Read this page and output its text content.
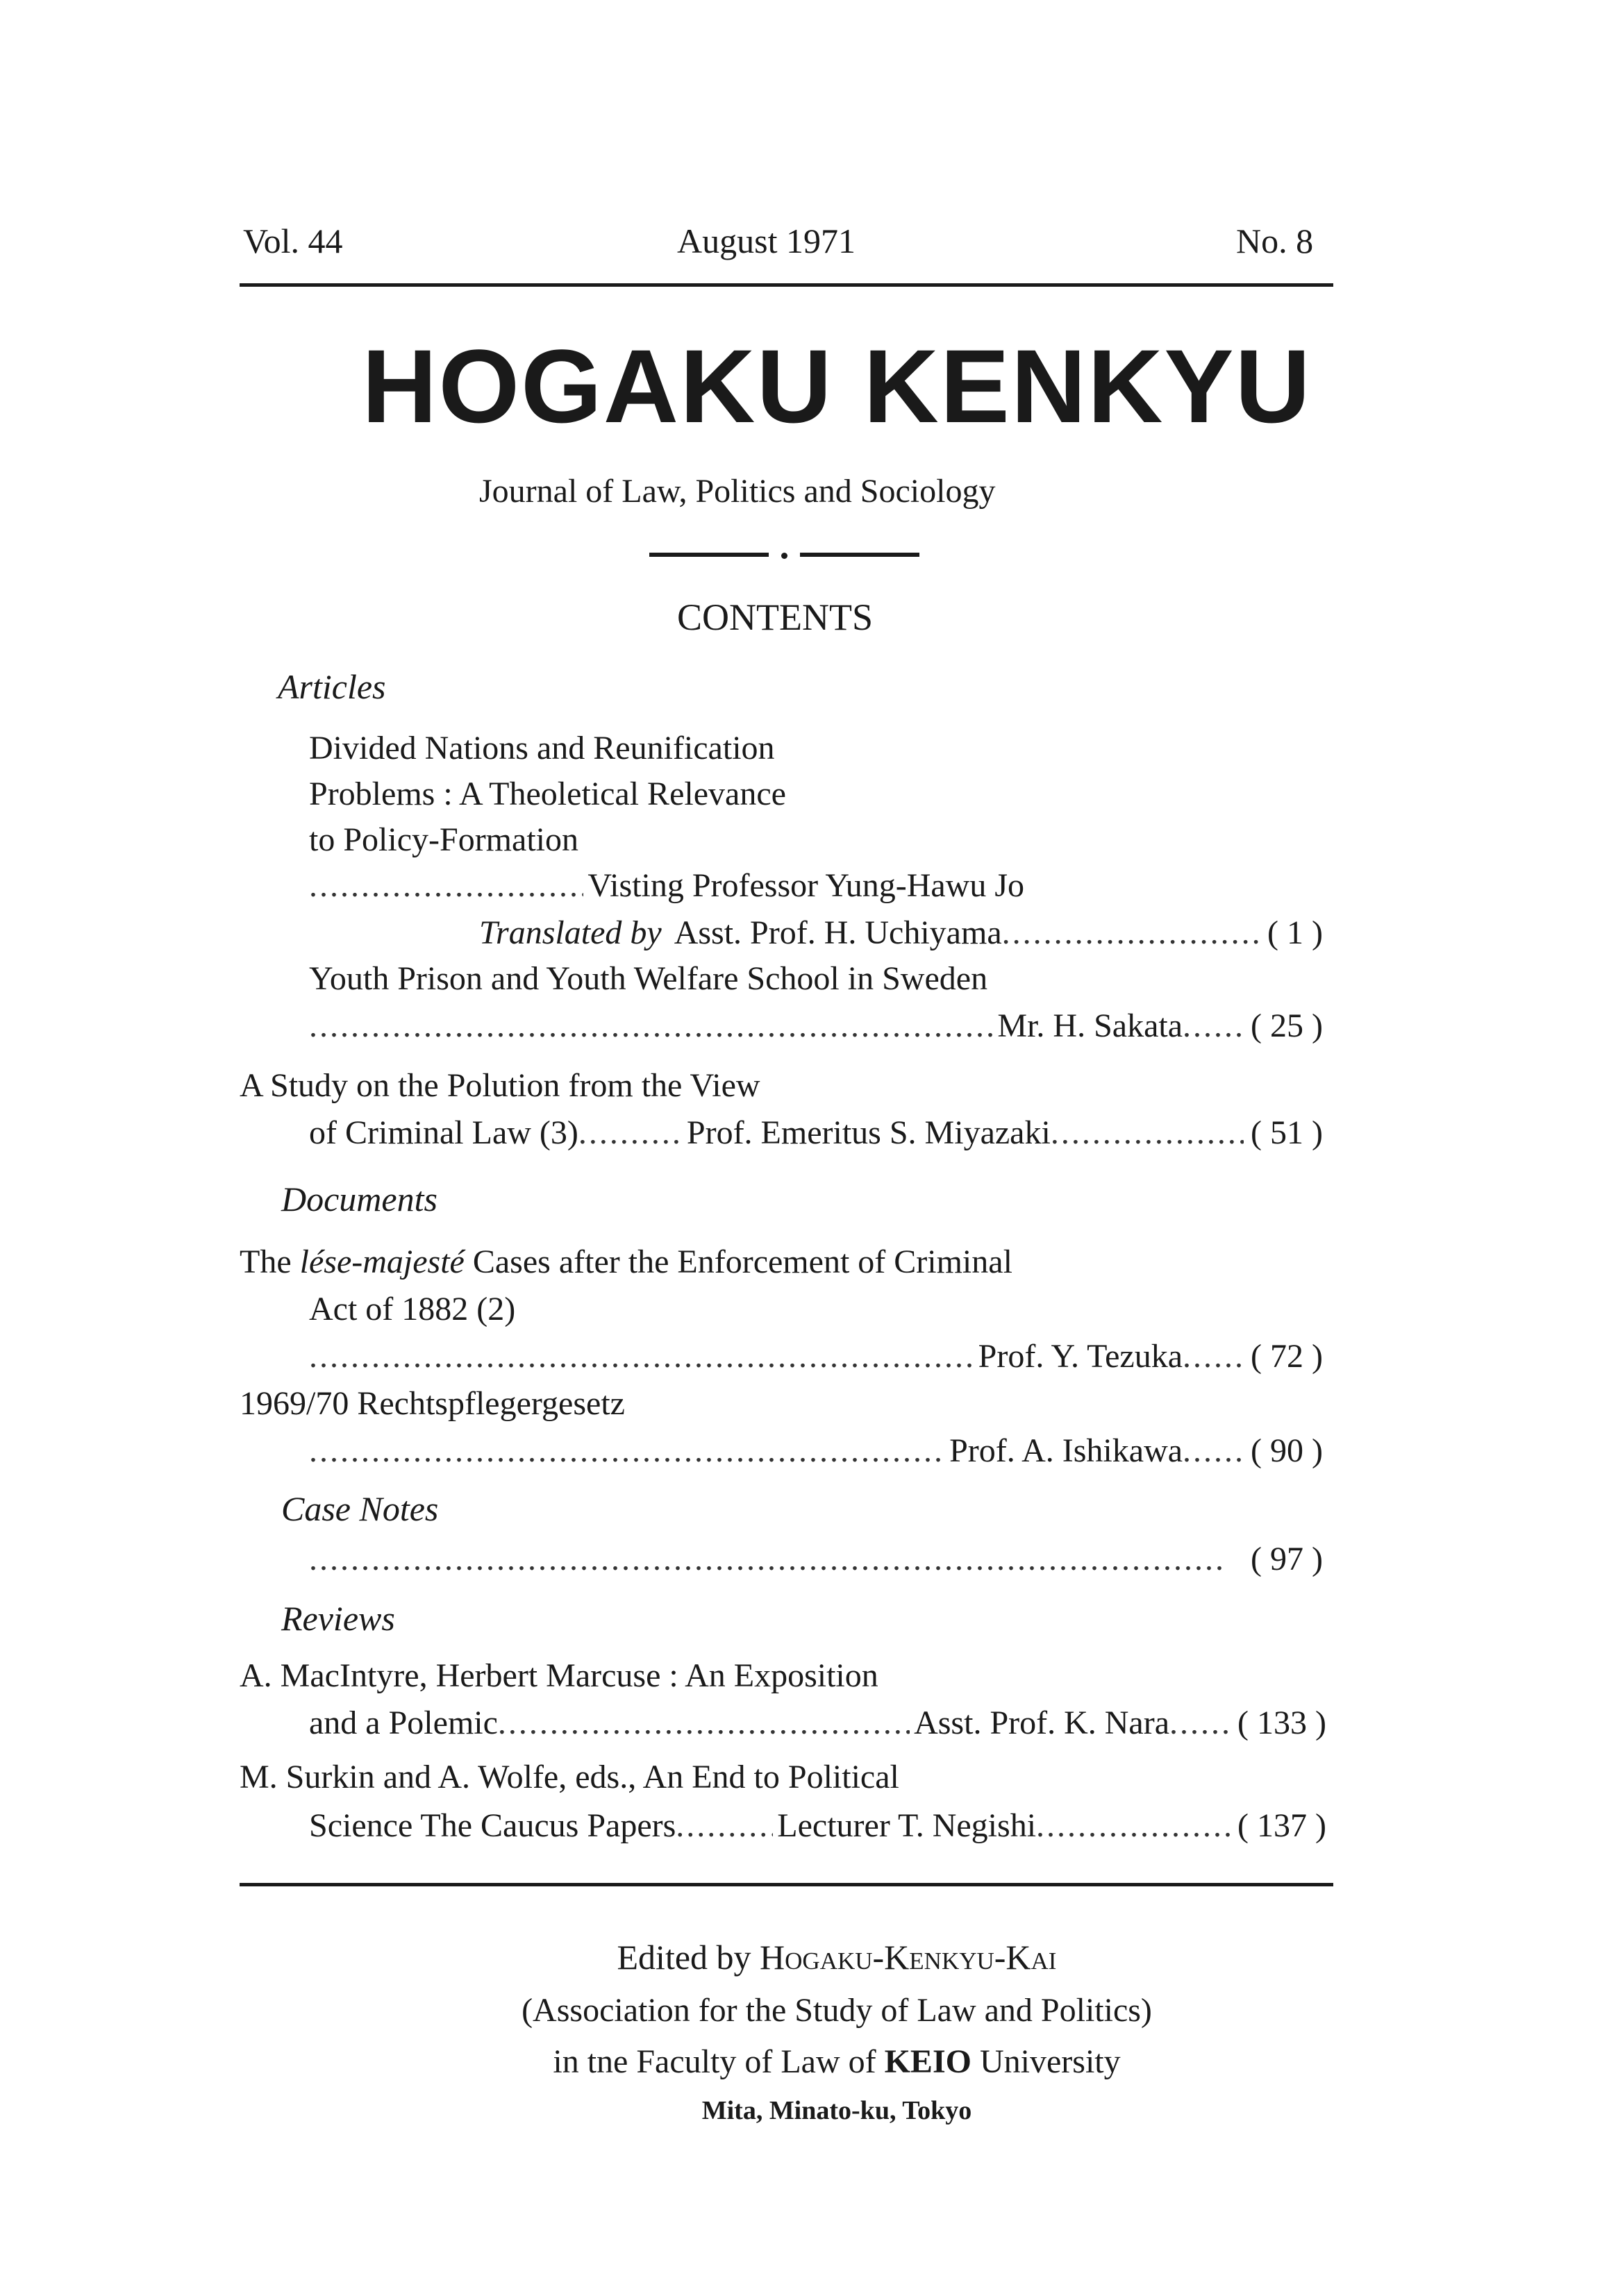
Vol. 44	August 1971	No. 8
HOGAKU KENKYU
Journal of Law, Politics and Sociology
CONTENTS
Articles
Divided Nations and Reunification
Problems : A Theoletical Relevance
to Policy-Formation
.....
Visting Professor Yung-Hawu Jo
Translated by Asst. Prof. H. Uchiyama .....	( 1 )
Youth Prison and Youth Welfare School in Sweden
.....
Mr. H. Sakata ..... ( 25 )
A Study on the Polution from the View
of Criminal Law (3) .....	Prof. Emeritus S. Miyazaki .....	( 51 )
Documents
The lése-majesté Cases after the Enforcement of Criminal
Act of 1882 (2)
.....
Prof. Y. Tezuka ..... ( 72 )
1969/70 Rechtspflegergesetz
.....
Prof. A. Ishikawa ..... ( 90 )
Case Notes
.....
( 97 )
Reviews
A. MacIntyre, Herbert Marcuse : An Exposition
and a Polemic .....	Asst. Prof. K. Nara ..... ( 133 )
M. Surkin and A. Wolfe, eds., An End to Political
Science The Caucus Papers .....	Lecturer T. Negishi .....	( 137 )
Edited by Hogaku-Kenkyu-Kai
(Association for the Study of Law and Politics)
in tne Faculty of Law of KEIO University
Mita, Minato-ku, Tokyo
